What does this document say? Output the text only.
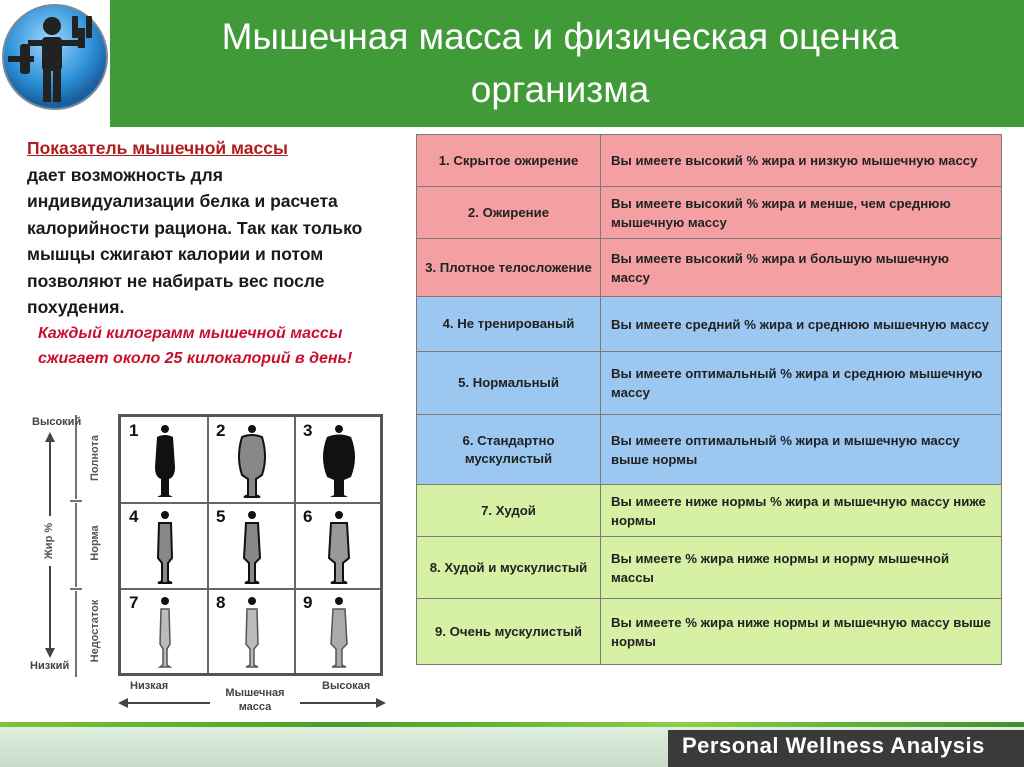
Мышечная масса и физическая оценка
организма
Показатель мышечной массы
дает возможность для индивидуализации белка и расчета калорийности рациона. Так как только мышцы сжигают калории и потом позволяют не набирать вес после похудения.
Каждый килограмм мышечной массы сжигает около 25 килокалорий в день!
1	2	3
4	5	6
7	8	9
Высокий
Низкий
Жир %
Полнота
Норма
Недостаток
Низкая	Высокая
Мышечная
масса
1. Скрытое ожирение	Вы имеете высокий % жира и низкую мышечную массу
2. Ожирение	Вы имеете высокий % жира и менше, чем среднюю мышечную массу
3. Плотное телосложение	Вы имеете высокий % жира и большую мышечную массу
4. Не тренированый	Вы имеете средний % жира и среднюю мышечную массу
5. Нормальный	Вы имеете оптимальный % жира и среднюю мышечную массу
6. Стандартно мускулистый	Вы имеете оптимальный % жира и мышечную массу выше нормы
7. Худой	Вы имеете ниже нормы % жира и мышечную массу ниже нормы
8. Худой и мускулистый	Вы имеете % жира ниже нормы и норму мышечной массы
9. Очень мускулистый	Вы имеете % жира ниже нормы и мышечную массу выше нормы
Personal Wellness Analysis
